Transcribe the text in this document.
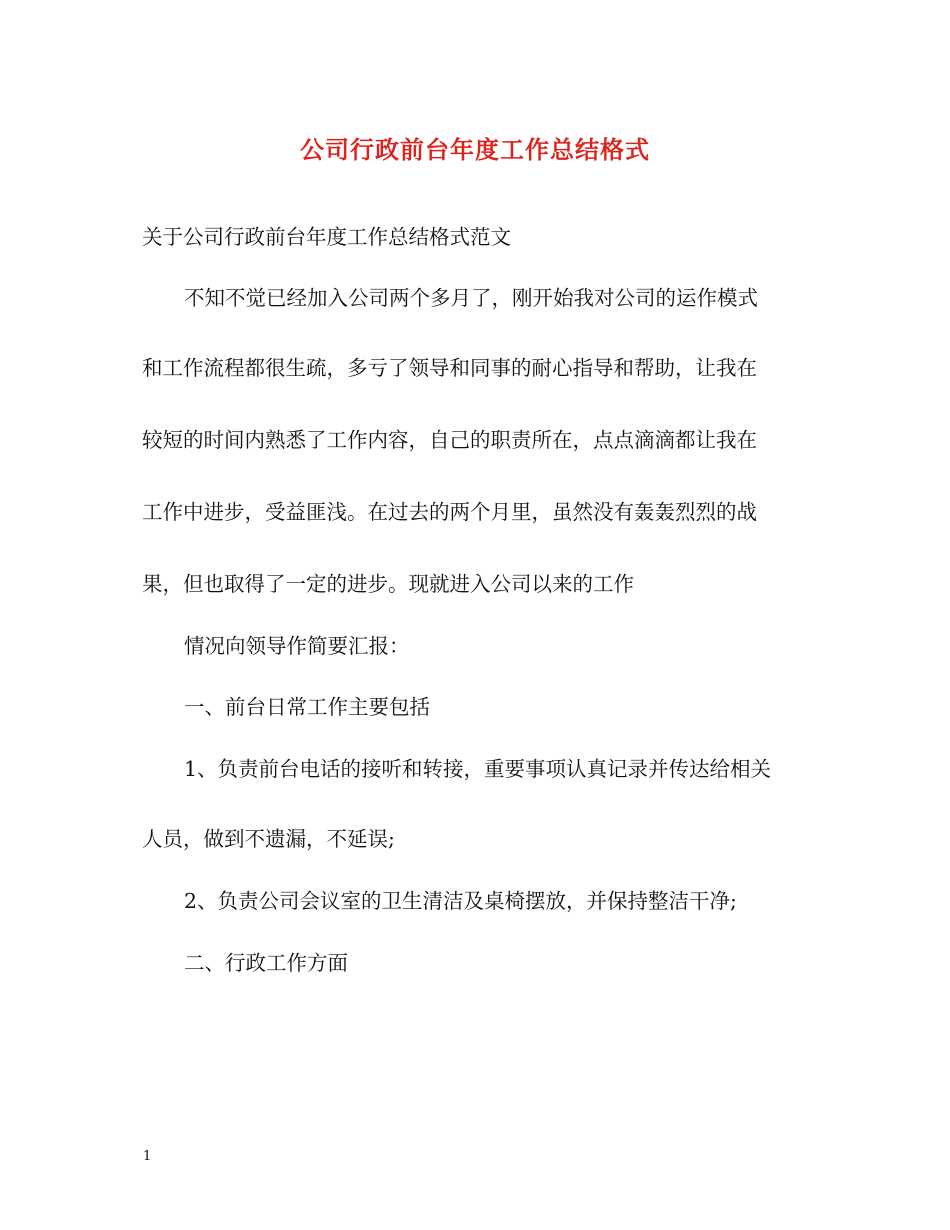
公司行政前台年度工作总结格式

关于公司行政前台年度工作总结格式范文

不知不觉已经加入公司两个多月了，刚开始我对公司的运作模式

和工作流程都很生疏，多亏了领导和同事的耐心指导和帮助，让我在

较短的时间内熟悉了工作内容，自己的职责所在，点点滴滴都让我在

工作中进步，受益匪浅。在过去的两个月里，虽然没有轰轰烈烈的战

果，但也取得了一定的进步。现就进入公司以来的工作

情况向领导作简要汇报：

一、前台日常工作主要包括

1、负责前台电话的接听和转接，重要事项认真记录并传达给相关

人员，做到不遗漏，不延误;

2、负责公司会议室的卫生清洁及桌椅摆放，并保持整洁干净;

二、行政工作方面

1
